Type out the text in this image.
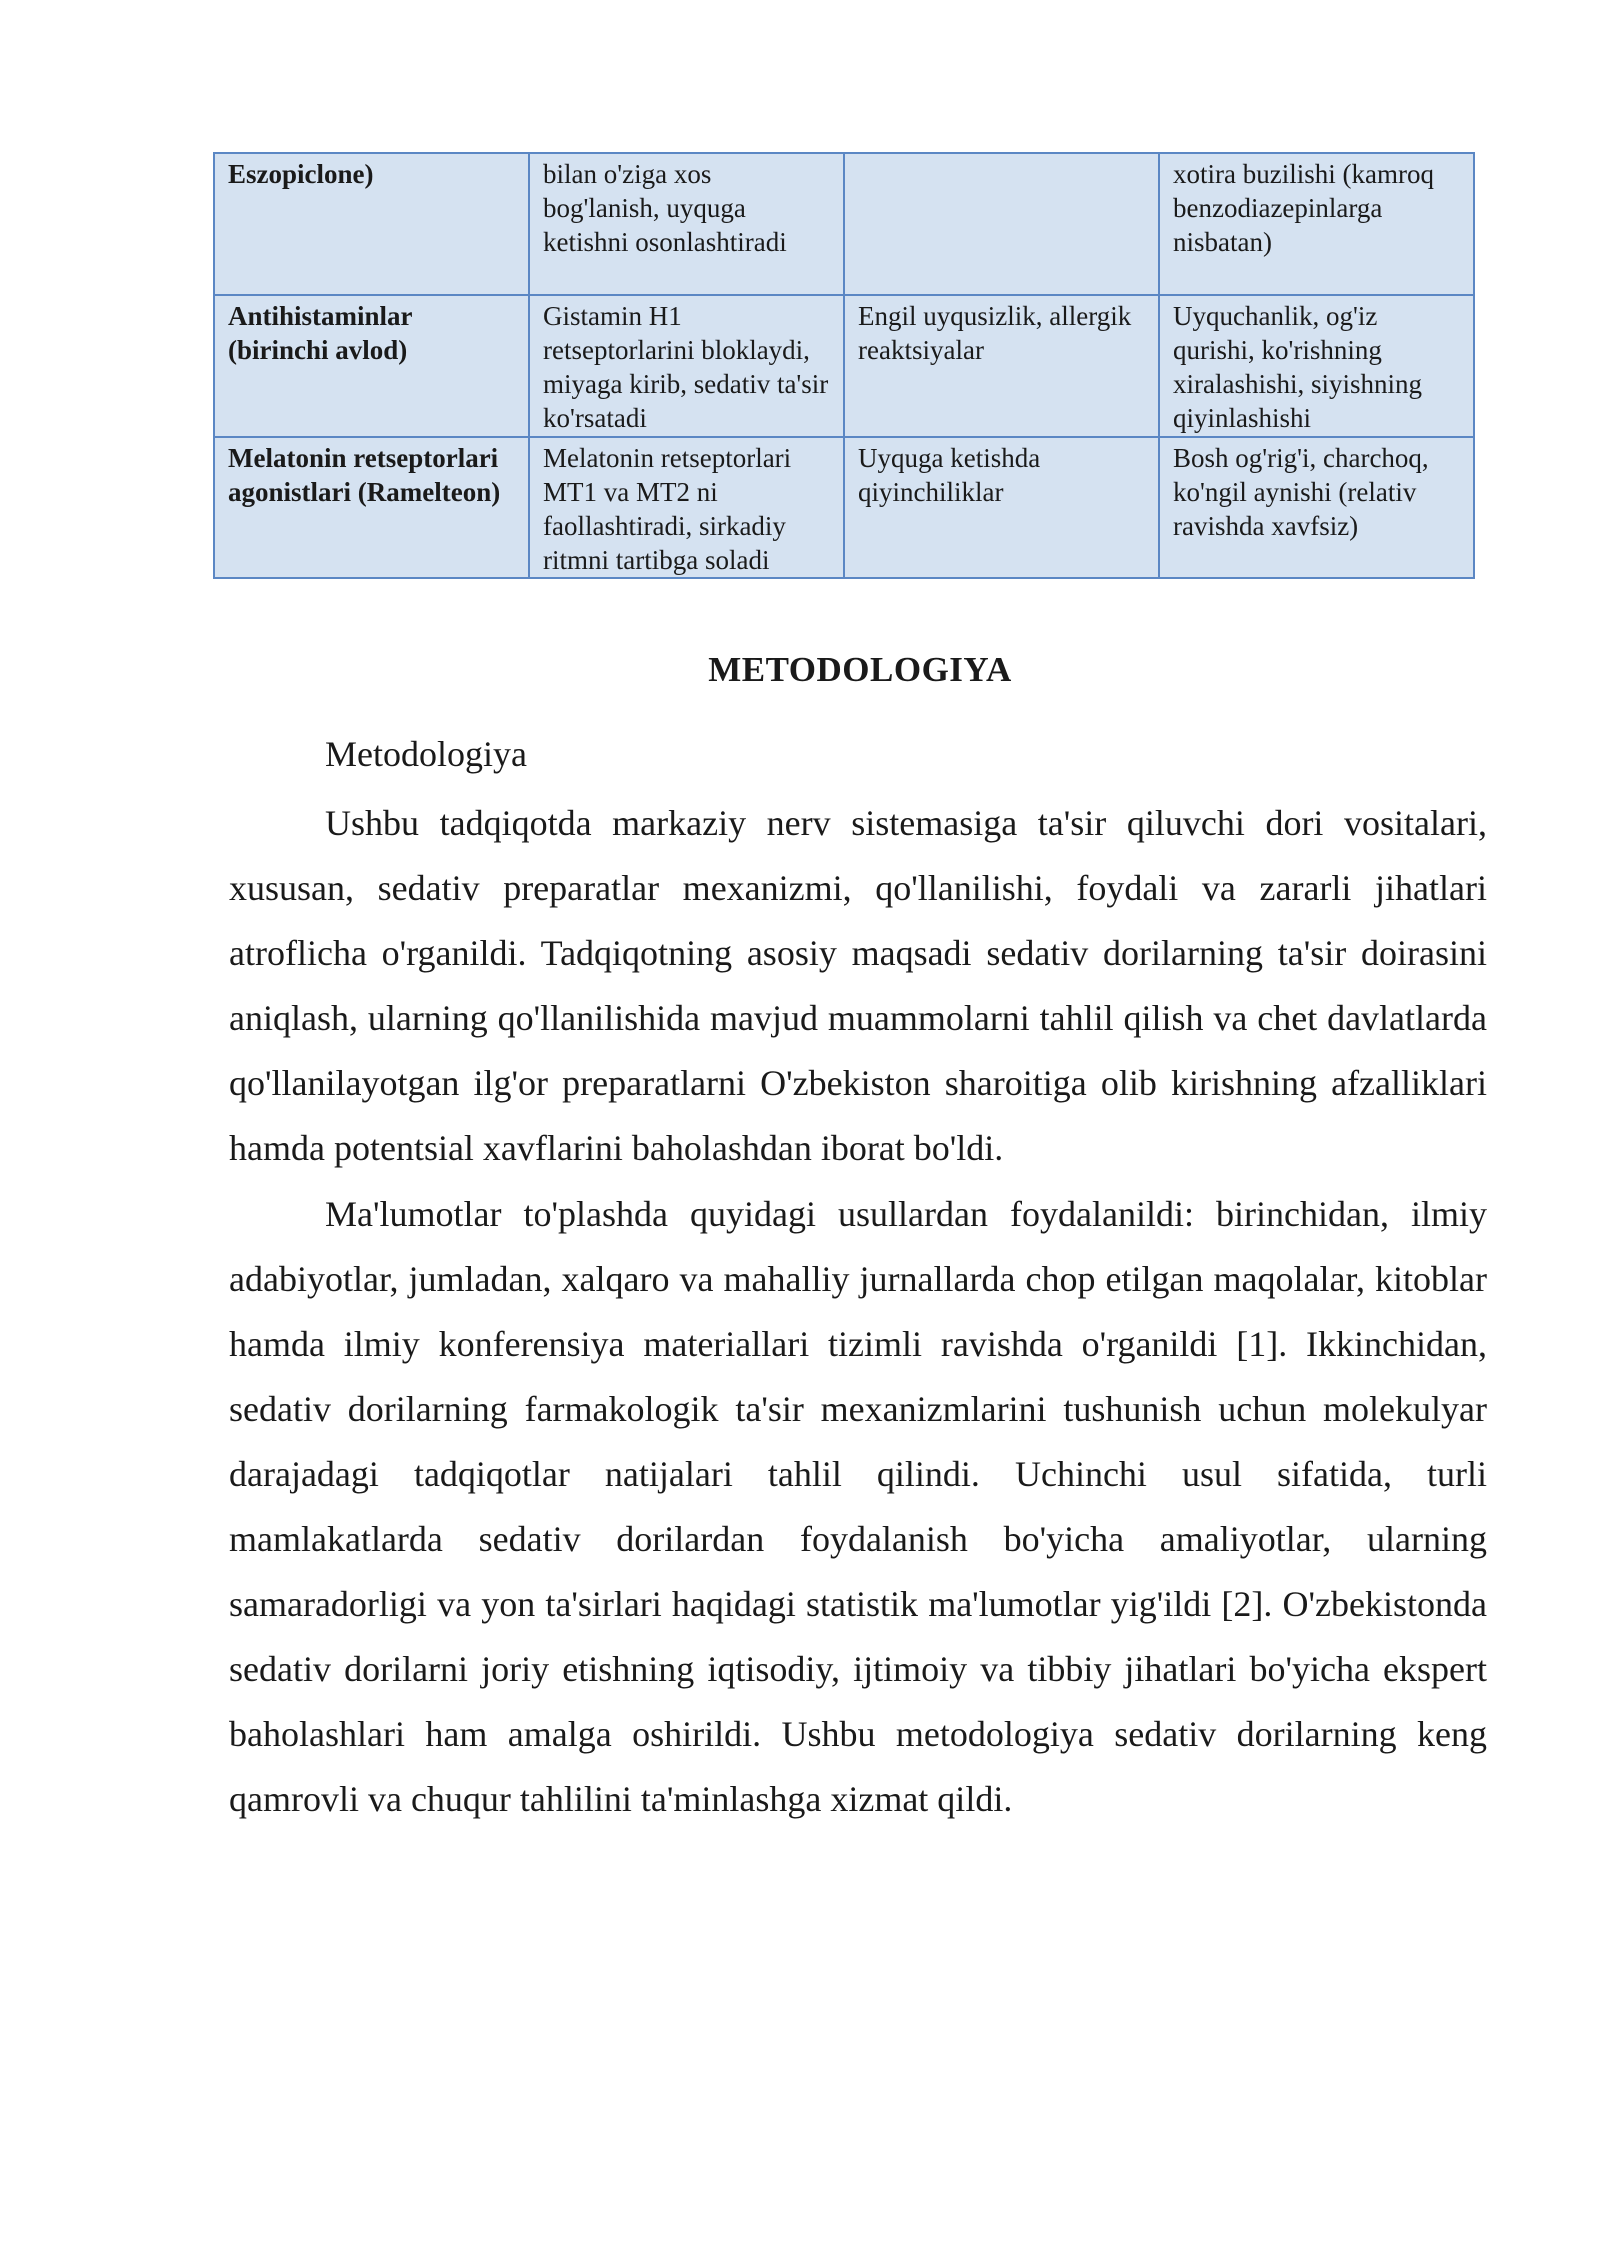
Eszopiclone)	bilan o'ziga xos bog'lanish, uyquga ketishni osonlashtiradi		xotira buzilishi (kamroq benzodiazepinlarga nisbatan)
Antihistaminlar (birinchi avlod)	Gistamin H1 retseptorlarini bloklaydi, miyaga kirib, sedativ ta'sir ko'rsatadi	Engil uyqusizlik, allergik reaktsiyalar	Uyquchanlik, og'iz qurishi, ko'rishning xiralashishi, siyishning qiyinlashishi
Melatonin retseptorlari agonistlari (Ramelteon)	Melatonin retseptorlari MT1 va MT2 ni faollashtiradi, sirkadiy ritmni tartibga soladi	Uyquga ketishda qiyinchiliklar	Bosh og'rig'i, charchoq, ko'ngil aynishi (relativ ravishda xavfsiz)
METODOLOGIYA
Metodologiya

Ushbu tadqiqotda markaziy nerv sistemasiga ta'sir qiluvchi dori vositalari, xususan, sedativ preparatlar mexanizmi, qo'llanilishi, foydali va zararli jihatlari atroflicha o'rganildi. Tadqiqotning asosiy maqsadi sedativ dorilarning ta'sir doirasini aniqlash, ularning qo'llanilishida mavjud muammolarni tahlil qilish va chet davlatlarda qo'llanilayotgan ilg'or preparatlarni O'zbekiston sharoitiga olib kirishning afzalliklari hamda potentsial xavflarini baholashdan iborat bo'ldi.

Ma'lumotlar to'plashda quyidagi usullardan foydalanildi: birinchidan, ilmiy adabiyotlar, jumladan, xalqaro va mahalliy jurnallarda chop etilgan maqolalar, kitoblar hamda ilmiy konferensiya materiallari tizimli ravishda o'rganildi [1]. Ikkinchidan, sedativ dorilarning farmakologik ta'sir mexanizmlarini tushunish uchun molekulyar darajadagi tadqiqotlar natijalari tahlil qilindi. Uchinchi usul sifatida, turli mamlakatlarda sedativ dorilardan foydalanish bo'yicha amaliyotlar, ularning samaradorligi va yon ta'sirlari haqidagi statistik ma'lumotlar yig'ildi [2]. O'zbekistonda sedativ dorilarni joriy etishning iqtisodiy, ijtimoiy va tibbiy jihatlari bo'yicha ekspert baholashlari ham amalga oshirildi. Ushbu metodologiya sedativ dorilarning keng qamrovli va chuqur tahlilini ta'minlashga xizmat qildi.
